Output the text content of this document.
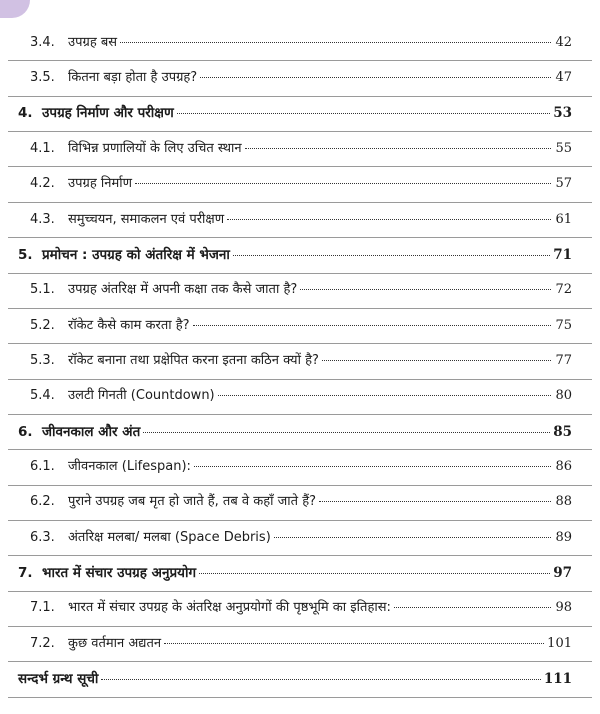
3.4.	उपग्रह बस	42
3.5.	कितना बड़ा होता है उपग्रह?	47
4. उपग्रह निर्माण और परीक्षण	53
4.1.	विभिन्न प्रणालियों के लिए उचित स्थान	55
4.2.	उपग्रह निर्माण	57
4.3.	समुच्चयन, समाकलन एवं परीक्षण	61
5. प्रमोचन : उपग्रह को अंतरिक्ष में भेजना	71
5.1.	उपग्रह अंतरिक्ष में अपनी कक्षा तक कैसे जाता है?	72
5.2.	रॉकेट कैसे काम करता है?	75
5.3.	रॉकेट बनाना तथा प्रक्षेपित करना इतना कठिन क्यों है?	77
5.4.	उलटी गिनती (Countdown)	80
6. जीवनकाल और अंत	85
6.1.	जीवनकाल (Lifespan):	86
6.2.	पुराने उपग्रह जब मृत हो जाते हैं, तब वे कहाँ जाते हैं?	88
6.3.	अंतरिक्ष मलबा/ मलबा (Space Debris)	89
7. भारत में संचार उपग्रह अनुप्रयोग	97
7.1.	भारत में संचार उपग्रह के अंतरिक्ष अनुप्रयोगों की पृष्ठभूमि का इतिहास:	98
7.2.	कुछ वर्तमान अद्यतन	101
सन्दर्भ ग्रन्थ सूची	111
